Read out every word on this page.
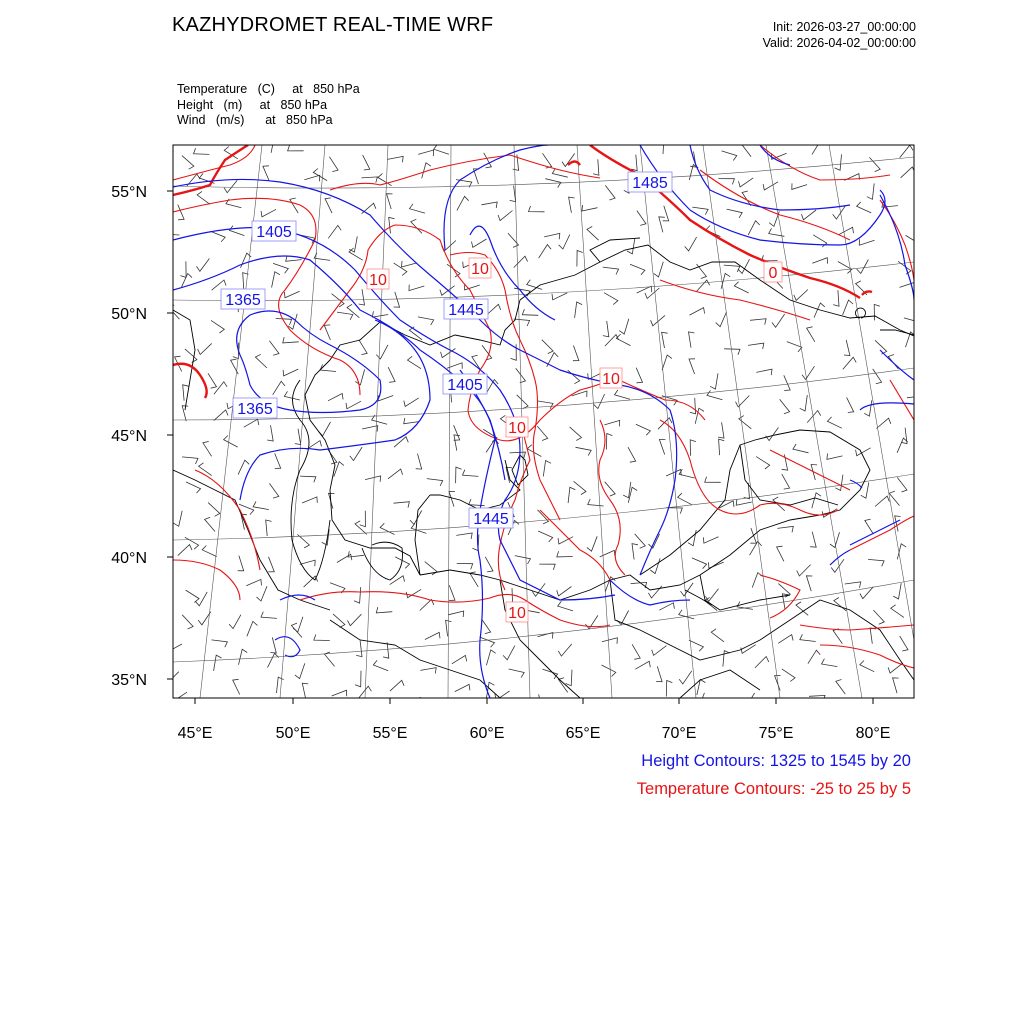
KAZHYDROMET REAL-TIME WRF	Init: 2026-03-27_00:00:00
Valid: 2026-04-02_00:00:00
Temperature   (C)     at   850 hPa
Height   (m)     at   850 hPa
Wind   (m/s)      at   850 hPa
55°N
50°N
45°N
40°N
35°N
45°E	50°E	55°E	60°E	65°E	70°E	75°E	80°E
1485
1405
1365
1445
1405
1365
1445
10
10	0
10
10
10
Height Contours: 1325 to 1545 by 20
Temperature Contours: -25 to 25 by 5
